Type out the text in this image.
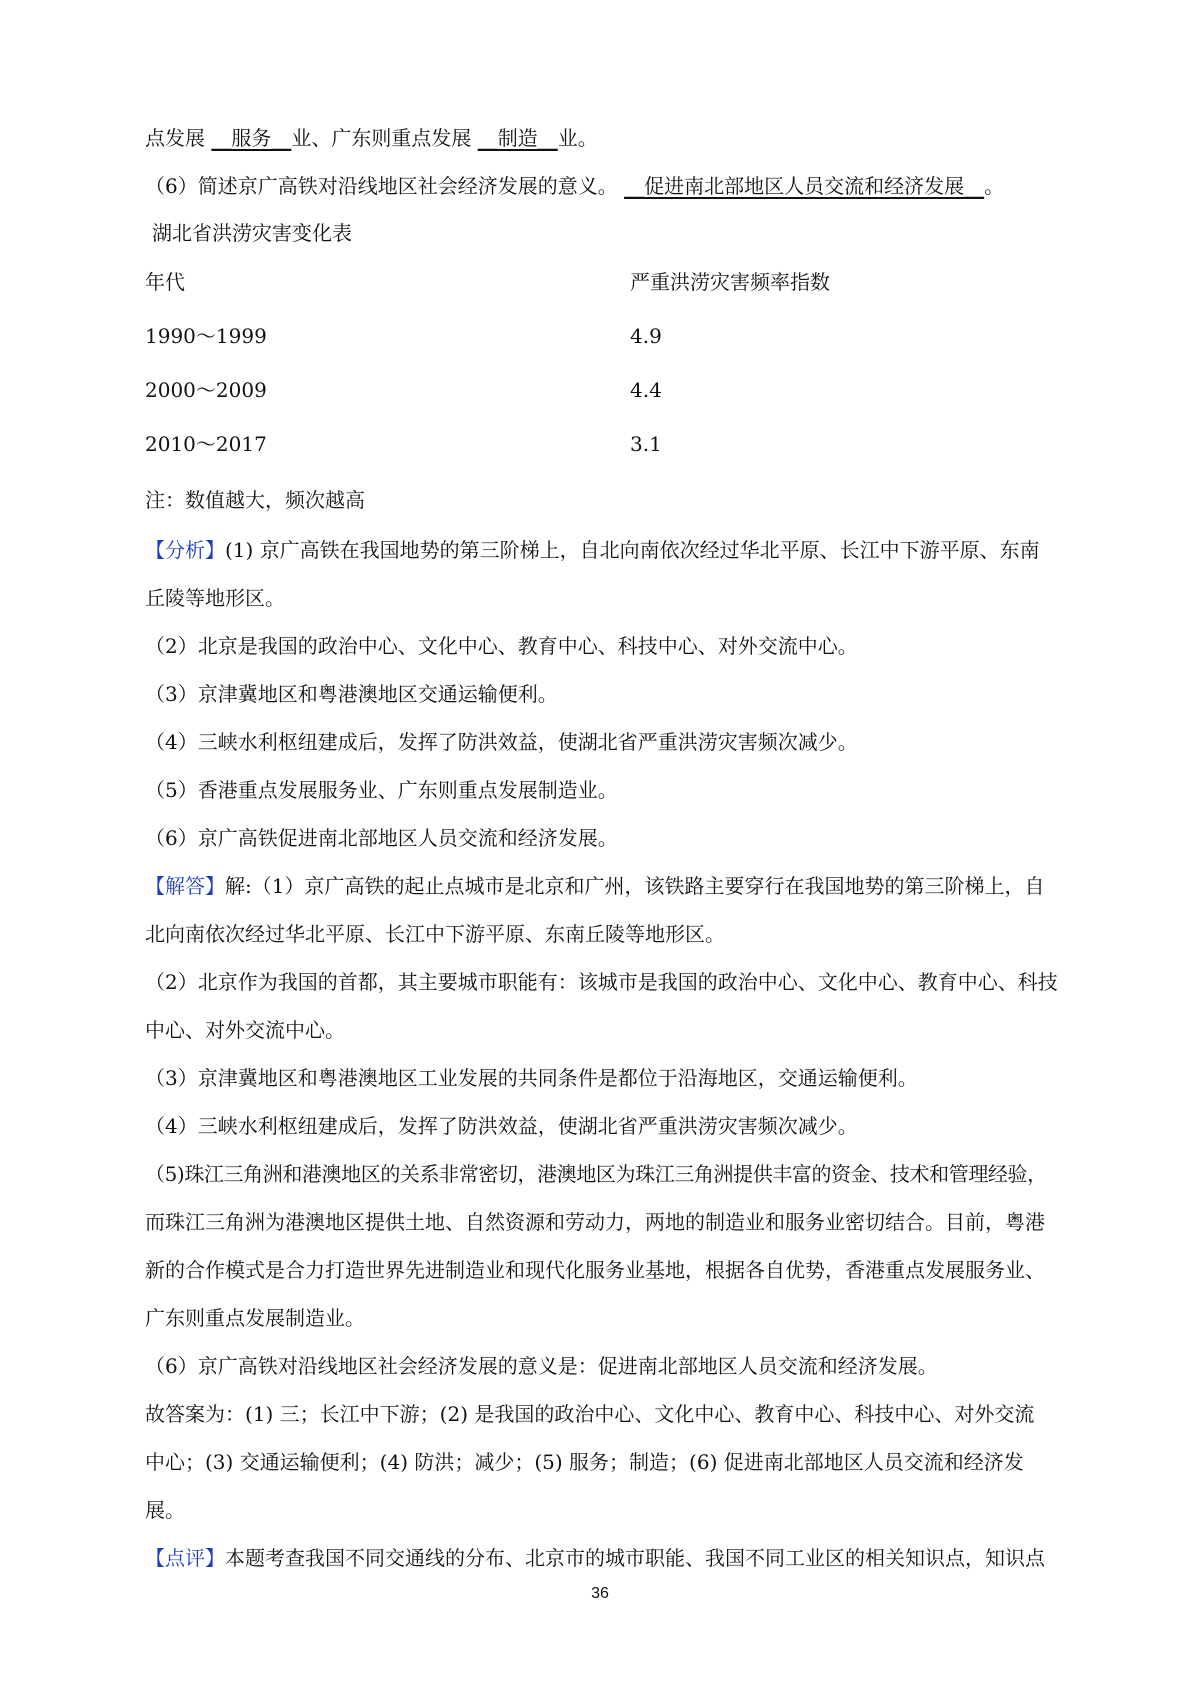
点发展 __服务__业、广东则重点发展 __制造__业。
（6）简述京广高铁对沿线地区社会经济发展的意义。 __促进南北部地区人员交流和经济发展__。
湖北省洪涝灾害变化表
年代	严重洪涝灾害频率指数
1990～1999	4.9
2000～2009	4.4
2010～2017	3.1
注：数值越大，频次越高
【分析】(1) 京广高铁在我国地势的第三阶梯上，自北向南依次经过华北平原、长江中下游平原、东南
丘陵等地形区。
（2）北京是我国的政治中心、文化中心、教育中心、科技中心、对外交流中心。
（3）京津冀地区和粤港澳地区交通运输便利。
（4）三峡水利枢纽建成后，发挥了防洪效益，使湖北省严重洪涝灾害频次减少。
（5）香港重点发展服务业、广东则重点发展制造业。
（6）京广高铁促进南北部地区人员交流和经济发展。
【解答】解:（1）京广高铁的起止点城市是北京和广州，该铁路主要穿行在我国地势的第三阶梯上，自
北向南依次经过华北平原、长江中下游平原、东南丘陵等地形区。
（2）北京作为我国的首都，其主要城市职能有：该城市是我国的政治中心、文化中心、教育中心、科技
中心、对外交流中心。
（3）京津冀地区和粤港澳地区工业发展的共同条件是都位于沿海地区，交通运输便利。
（4）三峡水利枢纽建成后，发挥了防洪效益，使湖北省严重洪涝灾害频次减少。
（5)珠江三角洲和港澳地区的关系非常密切，港澳地区为珠江三角洲提供丰富的资金、技术和管理经验，
而珠江三角洲为港澳地区提供土地、自然资源和劳动力，两地的制造业和服务业密切结合。目前，粤港
新的合作模式是合力打造世界先进制造业和现代化服务业基地，根据各自优势，香港重点发展服务业、
广东则重点发展制造业。
（6）京广高铁对沿线地区社会经济发展的意义是：促进南北部地区人员交流和经济发展。
故答案为：(1) 三；长江中下游；(2) 是我国的政治中心、文化中心、教育中心、科技中心、对外交流
中心；(3) 交通运输便利；(4) 防洪；减少；(5) 服务；制造；(6) 促进南北部地区人员交流和经济发
展。
【点评】本题考查我国不同交通线的分布、北京市的城市职能、我国不同工业区的相关知识点，知识点
36
